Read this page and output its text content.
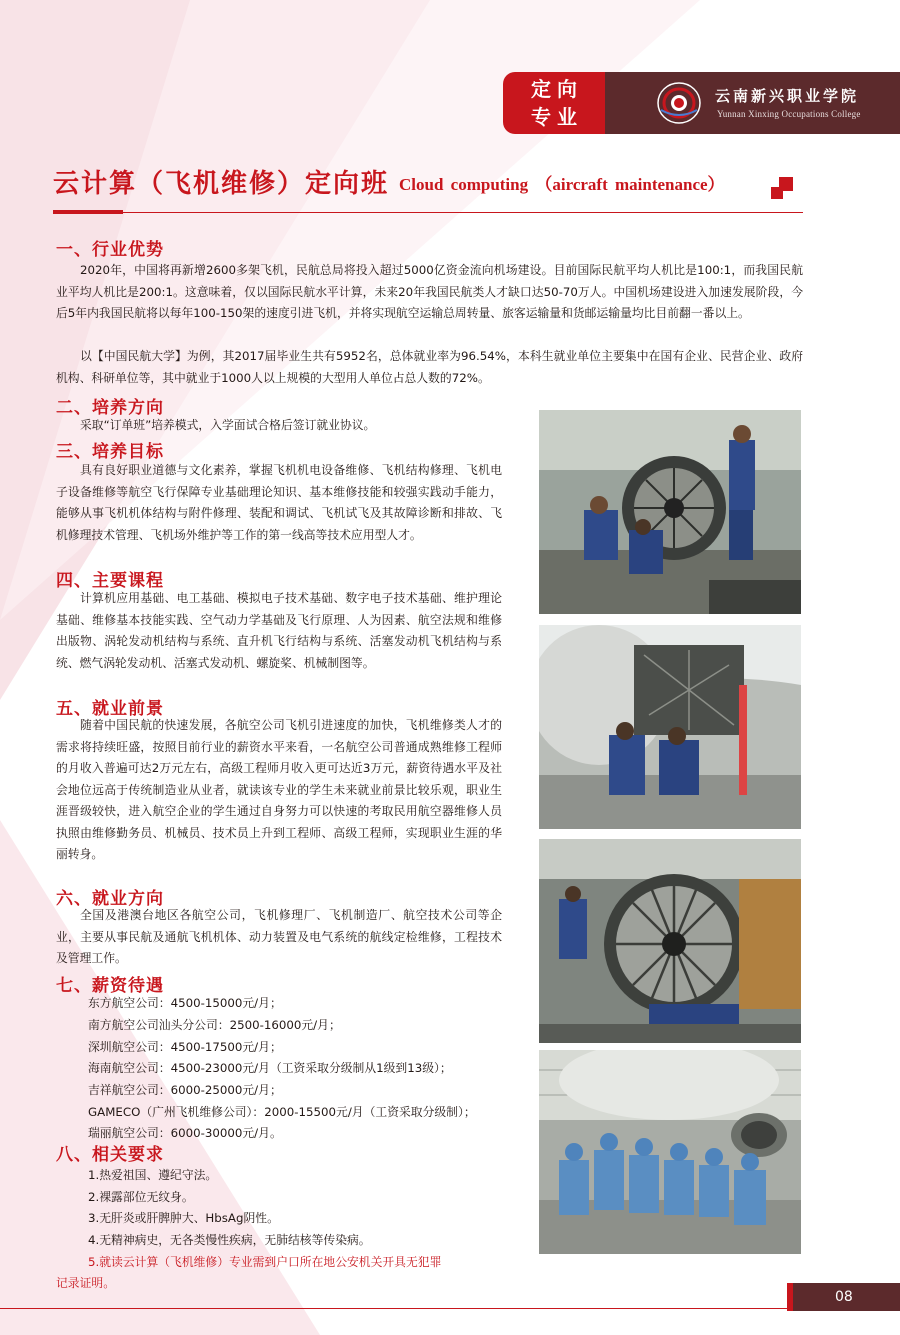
定向
专业
云南新兴职业学院
Yunnan Xinxing Occupations College
云计算（飞机维修）定向班 Cloud computing （aircraft maintenance）
一、行业优势

2020年，中国将再新增2600多架飞机，民航总局将投入超过5000亿资金流向机场建设。目前国际民航平均人机比是100:1，而我国民航业平均人机比是200:1。这意味着，仅以国际民航水平计算，未来20年我国民航类人才缺口达50-70万人。中国机场建设进入加速发展阶段，今后5年内我国民航将以每年100-150架的速度引进飞机，并将实现航空运输总周转量、旅客运输量和货邮运输量均比目前翻一番以上。

以【中国民航大学】为例，其2017届毕业生共有5952名，总体就业率为96.54%，本科生就业单位主要集中在国有企业、民营企业、政府机构、科研单位等，其中就业于1000人以上规模的大型用人单位占总人数的72%。

二、培养方向

采取“订单班”培养模式，入学面试合格后签订就业协议。

三、培养目标

具有良好职业道德与文化素养，掌握飞机机电设备维修、飞机结构修理、飞机电子设备维修等航空飞行保障专业基础理论知识、基本维修技能和较强实践动手能力，能够从事飞机机体结构与附件修理、装配和调试、飞机试飞及其故障诊断和排故、飞机修理技术管理、飞机场外维护等工作的第一线高等技术应用型人才。

四、主要课程

计算机应用基础、电工基础、模拟电子技术基础、数字电子技术基础、维护理论基础、维修基本技能实践、空气动力学基础及飞行原理、人为因素、航空法规和维修出版物、涡轮发动机结构与系统、直升机飞行结构与系统、活塞发动机飞机结构与系统、燃气涡轮发动机、活塞式发动机、螺旋桨、机械制图等。

五、就业前景

随着中国民航的快速发展，各航空公司飞机引进速度的加快，飞机维修类人才的需求将持续旺盛，按照目前行业的薪资水平来看，一名航空公司普通成熟维修工程师的月收入普遍可达2万元左右，高级工程师月收入更可达近3万元，薪资待遇水平及社会地位远高于传统制造业从业者，就读该专业的学生未来就业前景比较乐观，职业生涯晋级较快，进入航空企业的学生通过自身努力可以快速的考取民用航空器维修人员执照由维修勤务员、机械员、技术员上升到工程师、高级工程师，实现职业生涯的华丽转身。

六、就业方向

全国及港澳台地区各航空公司，飞机修理厂、飞机制造厂、航空技术公司等企业，主要从事民航及通航飞机机体、动力装置及电气系统的航线定检维修，工程技术及管理工作。

七、薪资待遇
东方航空公司：4500-15000元/月；
南方航空公司汕头分公司：2500-16000元/月；
深圳航空公司：4500-17500元/月；
海南航空公司：4500-23000元/月（工资采取分级制从1级到13级）；
吉祥航空公司：6000-25000元/月；
GAMECO（广州飞机维修公司）：2000-15500元/月（工资采取分级制）；
瑞丽航空公司：6000-30000元/月。
八、相关要求
1.热爱祖国、遵纪守法。
2.裸露部位无纹身。
3.无肝炎或肝脾肿大、HbsAg阴性。
4.无精神病史，无各类慢性疾病，无肺结核等传染病。
5.就读云计算（飞机维修）专业需到户口所在地公安机关开具无犯罪
记录证明。
08
